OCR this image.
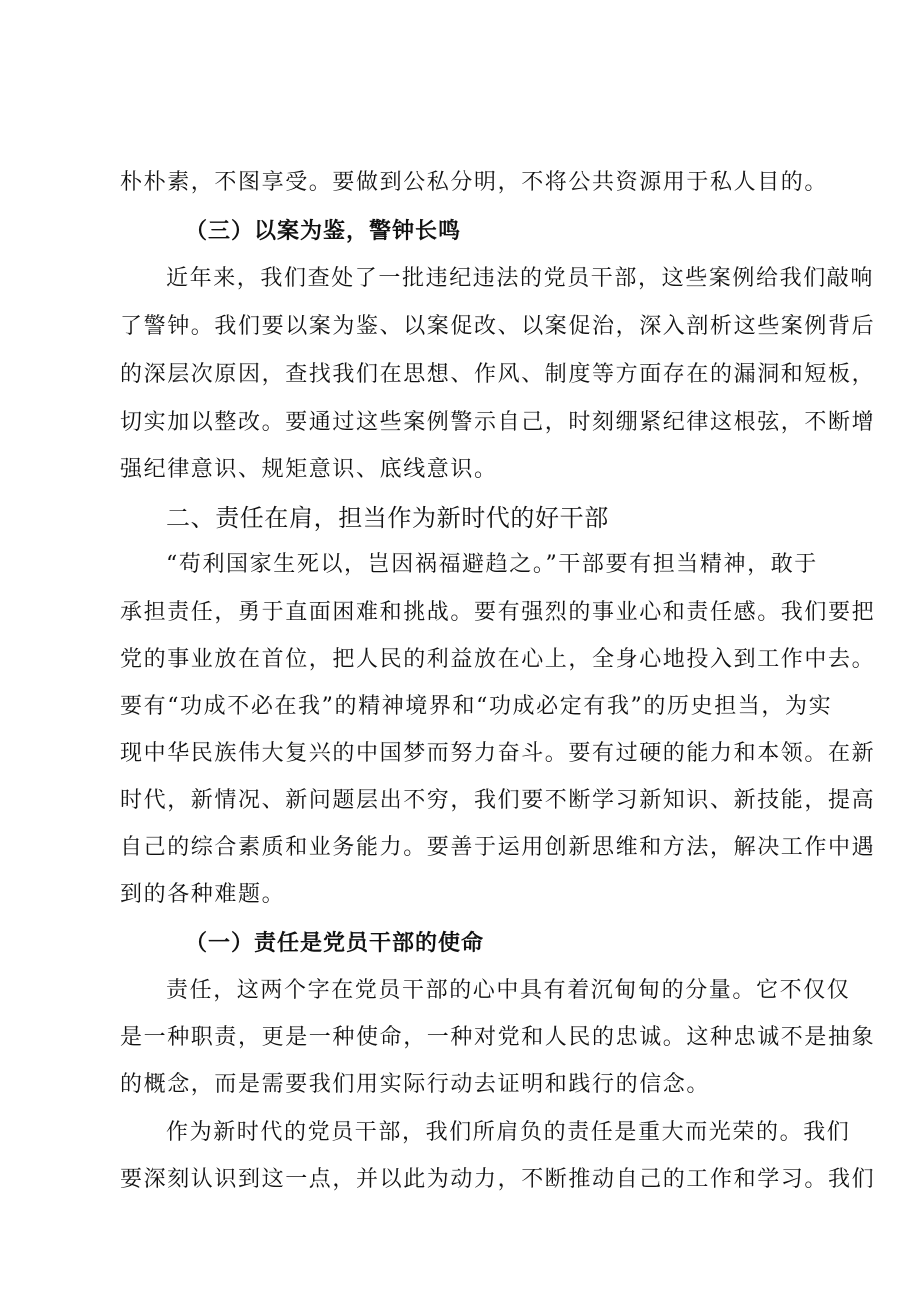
朴朴素，不图享受。要做到公私分明，不将公共资源用于私人目的。
（三）以案为鉴，警钟长鸣
近年来，我们查处了一批违纪违法的党员干部，这些案例给我们敲响
了警钟。我们要以案为鉴、以案促改、以案促治，深入剖析这些案例背后
的深层次原因，查找我们在思想、作风、制度等方面存在的漏洞和短板，
切实加以整改。要通过这些案例警示自己，时刻绷紧纪律这根弦，不断增
强纪律意识、规矩意识、底线意识。
二、责任在肩，担当作为新时代的好干部
“苟利国家生死以，岂因祸福避趋之。”干部要有担当精神，敢于
承担责任，勇于直面困难和挑战。要有强烈的事业心和责任感。我们要把
党的事业放在首位，把人民的利益放在心上，全身心地投入到工作中去。
要有“功成不必在我”的精神境界和“功成必定有我”的历史担当，为实
现中华民族伟大复兴的中国梦而努力奋斗。要有过硬的能力和本领。在新
时代，新情况、新问题层出不穷，我们要不断学习新知识、新技能，提高
自己的综合素质和业务能力。要善于运用创新思维和方法，解决工作中遇
到的各种难题。
（一）责任是党员干部的使命
责任，这两个字在党员干部的心中具有着沉甸甸的分量。它不仅仅
是一种职责，更是一种使命，一种对党和人民的忠诚。这种忠诚不是抽象
的概念，而是需要我们用实际行动去证明和践行的信念。
作为新时代的党员干部，我们所肩负的责任是重大而光荣的。我们
要深刻认识到这一点，并以此为动力，不断推动自己的工作和学习。我们
